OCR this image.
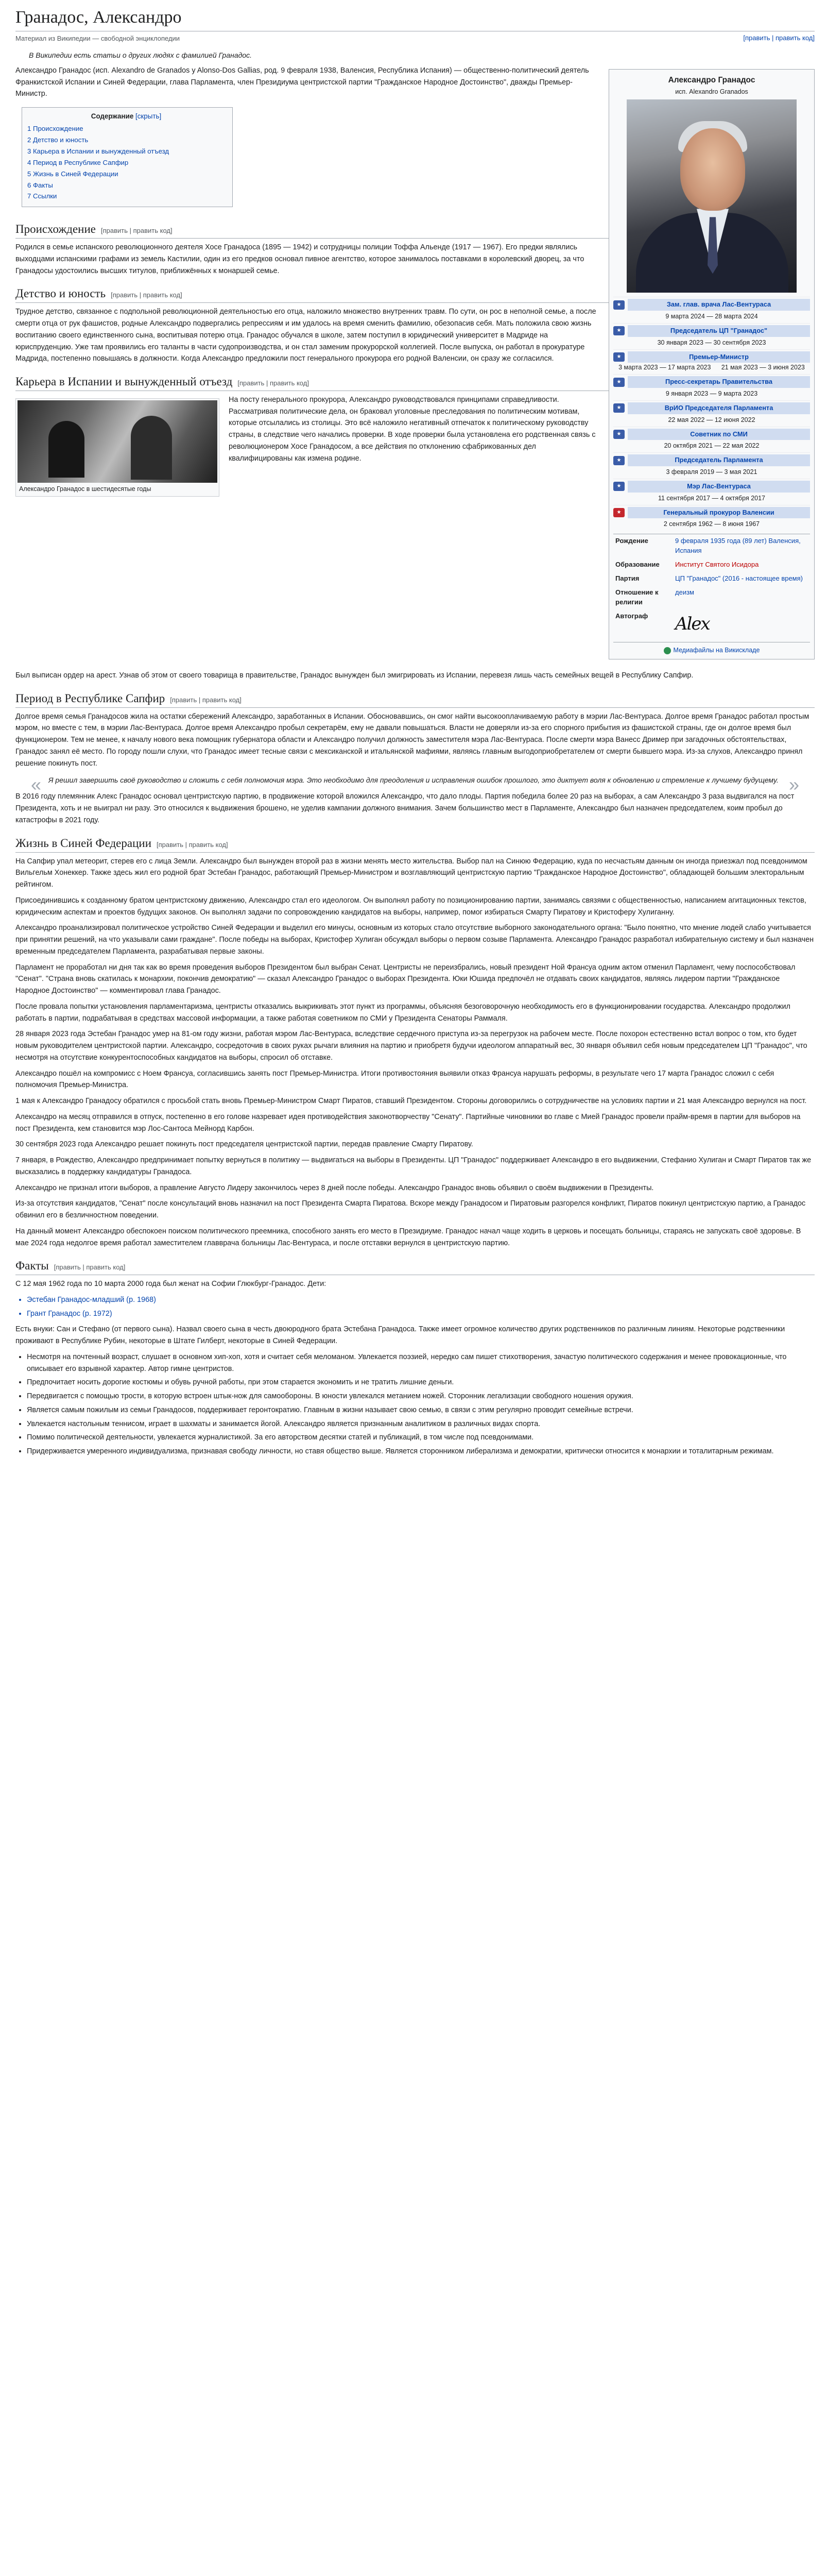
Гранадос, Александро
Материал из Википедии — свободной энциклопедии	[править | править код]
В Википедии есть статьи о других людях с фамилией Гранадос.
Александро Гранадос
исп. Alexandro Granados
★	Зам. глав. врача Лас-Вентураса
9 марта 2024 — 28 марта 2024
★	Председатель ЦП "Гранадос"
30 января 2023 — 30 сентября 2023
★	Премьер-Министр
3 марта 2023 — 17 марта 2023 21 мая 2023 — 3 июня 2023
★	Пресс-секретарь Правительства
9 января 2023 — 9 марта 2023
★	ВрИО Председателя Парламента
22 мая 2022 — 12 июня 2022
★	Советник по СМИ
20 октября 2021 — 22 мая 2022
★	Председатель Парламента
3 февраля 2019 — 3 мая 2021
★	Мэр Лас-Вентураса
11 сентября 2017 — 4 октября 2017
★	Генеральный прокурор Валенсии
2 сентября 1962 — 8 июня 1967
Рождение	9 февраля 1935 года (89 лет) Валенсия, Испания
Образование	Институт Святого Исидора
Партия	ЦП "Гранадос" (2016 - настоящее время)
Отношение к религии	деизм
Автограф	Alex
Медиафайлы на Викискладе

Александро Гранадос (исп. Alexandro de Granados y Alonso-Dos Gallias, род. 9 февраля 1938, Валенсия, Республика Испания) — общественно-политический деятель Франкистской Испании и Синей Федерации, глава Парламента, член Президиума центристской партии "Гражданское Народное Достоинство", дважды Премьер-Министр.

Содержание [скрыть]
1 Происхождение
2 Детство и юность
3 Карьера в Испании и вынужденный отъезд
4 Период в Республике Сапфир
5 Жизнь в Синей Федерации
6 Факты
7 Ссылки
Происхождение [править | править код]

Родился в семье испанского революционного деятеля Хосе Гранадоса (1895 — 1942) и сотрудницы полиции Тоффа Альенде (1917 — 1967). Его предки являлись выходцами испанскими графами из земель Кастилии, один из его предков основал пивное агентство, которое занималось поставками в королевский дворец, за что Гранадосы удостоились высших титулов, приближённых к монаршей семье.

Детство и юность [править | править код]

Трудное детство, связанное с подпольной революционной деятельностью его отца, наложило множество внутренних травм. По сути, он рос в неполной семье, а после смерти отца от рук фашистов, родные Александро подвергались репрессиям и им удалось на время сменить фамилию, обезопасив себя. Мать положила свою жизнь воспитанию своего единственного сына, воспитывая потерю отца. Гранадос обучался в школе, затем поступил в юридический университет в Мадриде на юриспруденцию. Уже там проявились его таланты в части судопроизводства, и он стал заменим прокурорской коллегией. После выпуска, он работал в прокуратуре Мадрида, постепенно повышаясь в должности. Когда Александро предложили пост генерального прокурора его родной Валенсии, он сразу же согласился.

Карьера в Испании и вынужденный отъезд [править | править код]
Александро Гранадос в шестидесятые годы

На посту генерального прокурора, Александро руководствовался принципами справедливости. Рассматривая политические дела, он браковал уголовные преследования по политическим мотивам, которые отсылались из столицы. Это всё наложило негативный отпечаток к политическому руководству страны, в следствие чего начались проверки. В ходе проверки была установлена его родственная связь с революционером Хосе Гранадосом, а все действия по отклонению сфабрикованных дел квалифицированы как измена родине.

Был выписан ордер на арест. Узнав об этом от своего товарища в правительстве, Гранадос вынужден был эмигрировать из Испании, перевезя лишь часть семейных вещей в Республику Сапфир.

Период в Республике Сапфир [править | править код]

Долгое время семья Гранадосов жила на остатки сбережений Александро, заработанных в Испании. Обосновавшись, он смог найти высокооплачиваемую работу в мэрии Лас-Вентураса. Долгое время Гранадос работал простым мэром, но вместе с тем, в мэрии Лас-Вентураса. Долгое время Александро пробыл секретарём, ему не давали повышаться. Власти не доверяли из-за его спорного прибытия из фашистской страны, где он долгое время был функционером. Тем не менее, к началу нового века помощник губернатора области и Александро получил должность заместителя мэра Лас-Вентураса. После смерти мэра Ванесс Дример при загадочных обстоятельствах, Гранадос занял её место. По городу пошли слухи, что Гранадос имеет тесные связи с мексиканской и итальянской мафиями, являясь главным выгодоприобретателем от смерти бывшего мэра. Из-за слухов, Александро принял решение покинуть пост.

« Я решил завершить своё руководство и сложить с себя полномочия мэра. Это необходимо для преодоления и исправления ошибок прошлого, это диктует воля к обновлению и стремление к лучшему будущему. »

В 2016 году племянник Алекс Гранадос основал центристскую партию, в продвижение которой вложился Александро, что дало плоды. Партия победила более 20 раз на выборах, а сам Александро 3 раза выдвигался на пост Президента, хоть и не выиграл ни разу. Это относился к выдвижения брошено, не уделив кампании должного внимания. Зачем большинство мест в Парламенте, Александро был назначен председателем, коим пробыл до катастрофы в 2021 году.

Жизнь в Синей Федерации [править | править код]

На Сапфир упал метеорит, стерев его с лица Земли. Александро был вынужден второй раз в жизни менять место жительства. Выбор пал на Синюю Федерацию, куда по несчастьям данным он иногда приезжал под псевдонимом Вильгельм Хонеккер. Также здесь жил его родной брат Эстебан Гранадос, работающий Премьер-Министром и возглавляющий центристскую партию "Гражданское Народное Достоинство", обладающей большим электоральным рейтингом.

Присоединившись к созданному братом центристскому движению, Александро стал его идеологом. Он выполнял работу по позиционированию партии, занимаясь связями с общественностью, написанием агитационных текстов, юридическим аспектам и проектов будущих законов. Он выполнял задачи по сопровождению кандидатов на выборы, например, помог избираться Смарту Пиратову и Кристоферу Хулиганну.

Александро проанализировал политическое устройство Синей Федерации и выделил его минусы, основным из которых стало отсутствие выборного законодательного органа: "Было понятно, что мнение людей слабо учитывается при принятии решений, на что указывали сами граждане". После победы на выборах, Кристофер Хулиган обсуждал выборы о первом созыве Парламента. Александро Гранадос разработал избирательную систему и был назначен временным председателем Парламента, разрабатывая первые законы.

Парламент не проработал ни дня так как во время проведения выборов Президентом был выбран Сенат. Центристы не переизбрались, новый президент Ной Франсуа одним актом отменил Парламент, чему поспособствовал "Сенат". "Страна вновь скатилась к монархии, покончив демократию" — сказал Александро Гранадос о выборах Президента. Юки Юшида предпочёл не отдавать своих кандидатов, являясь лидером партии "Гражданское Народное Достоинство" — комментировал глава Гранадос.

После провала попытки установления парламентаризма, центристы отказались выкрикивать этот пункт из программы, объясняя безоговорочную необходимость его в функционировании государства. Александро продолжил работать в партии, подрабатывая в средствах массовой информации, а также работая советником по СМИ у Президента Сенаторы Раммаля.

28 января 2023 года Эстебан Гранадос умер на 81-ом году жизни, работая мэром Лас-Вентураса, вследствие сердечного приступа из-за перегрузок на рабочем месте. После похорон естественно встал вопрос о том, кто будет новым руководителем центристской партии. Александро, сосредоточив в своих руках рычаги влияния на партию и приобретя будучи идеологом аппаратный вес, 30 января объявил себя новым председателем ЦП "Гранадос", что несмотря на отсутствие конкурентоспособных кандидатов на выборы, спросил об отставке.

Александро пошёл на компромисс с Ноем Франсуа, согласившись занять пост Премьер-Министра. Итоги противостояния выявили отказ Франсуа нарушать реформы, в результате чего 17 марта Гранадос сложил с себя полномочия Премьер-Министра.

1 мая к Александро Гранадосу обратился с просьбой стать вновь Премьер-Министром Смарт Пиратов, ставший Президентом. Стороны договорились о сотрудничестве на условиях партии и 21 мая Александро вернулся на пост.

Александро на месяц отправился в отпуск, постепенно в его голове назревает идея противодействия законотворчеству "Сенату". Партийные чиновники во главе с Мией Гранадос провели прайм-время в партии для выборов на пост Президента, кем становится мэр Лос-Сантоса Мейнорд Карбон.

30 сентября 2023 года Александро решает покинуть пост председателя центристской партии, передав правление Смарту Пиратову.

7 января, в Рождество, Александро предпринимает попытку вернуться в политику — выдвигаться на выборы в Президенты. ЦП "Гранадос" поддерживает Александро в его выдвижении, Стефанио Хулиган и Смарт Пиратов так же высказались в поддержку кандидатуры Гранадоса.

Александро не признал итоги выборов, а правление Августо Лидеру закончилось через 8 дней после победы. Александро Гранадос вновь объявил о своём выдвижении в Президенты.

Из-за отсутствия кандидатов, "Сенат" после консультаций вновь назначил на пост Президента Смарта Пиратова. Вскоре между Гранадосом и Пиратовым разгорелся конфликт, Пиратов покинул центристскую партию, а Гранадос обвинил его в безличностном поведении.

На данный момент Александро обеспокоен поиском политического преемника, способного занять его место в Президиуме. Гранадос начал чаще ходить в церковь и посещать больницы, стараясь не запускать своё здоровье. В мае 2024 года недолгое время работал заместителем главврача больницы Лас-Вентураса, и после отставки вернулся в центристскую партию.

Факты [править | править код]

С 12 мая 1962 года по 10 марта 2000 года был женат на Софии Глюкбург-Гранадос. Дети:

• Эстебан Гранадос-младший (р. 1968)
• Грант Гранадос (р. 1972)

Есть внуки: Сан и Стефано (от первого сына). Назвал своего сына в честь двоюродного брата Эстебана Гранадоса. Также имеет огромное количество других родственников по различным линиям. Некоторые родственники проживают в Республике Рубин, некоторые в Штате Гилберт, некоторые в Синей Федерации.

• Несмотря на почтенный возраст, слушает в основном хип-хоп, хотя и считает себя меломаном. Увлекается поэзией, нередко сам пишет стихотворения, зачастую политического содержания и менее провокационные, что описывает его взрывной характер. Автор гимне центристов.
• Предпочитает носить дорогие костюмы и обувь ручной работы, при этом старается экономить и не тратить лишние деньги.
• Передвигается с помощью трости, в которую встроен штык-нож для самообороны. В юности увлекался метанием ножей. Сторонник легализации свободного ношения оружия.
• Является самым пожилым из семьи Гранадосов, поддерживает геронтократию. Главным в жизни называет свою семью, в связи с этим регулярно проводит семейные встречи.
• Увлекается настольным теннисом, играет в шахматы и занимается йогой. Александро является признанным аналитиком в различных видах спорта.
• Помимо политической деятельности, увлекается журналистикой. За его авторством десятки статей и публикаций, в том числе под псевдонимами.
• Придерживается умеренного индивидуализма, признавая свободу личности, но ставя общество выше. Является сторонником либерализма и демократии, критически относится к монархии и тоталитарным режимам.
